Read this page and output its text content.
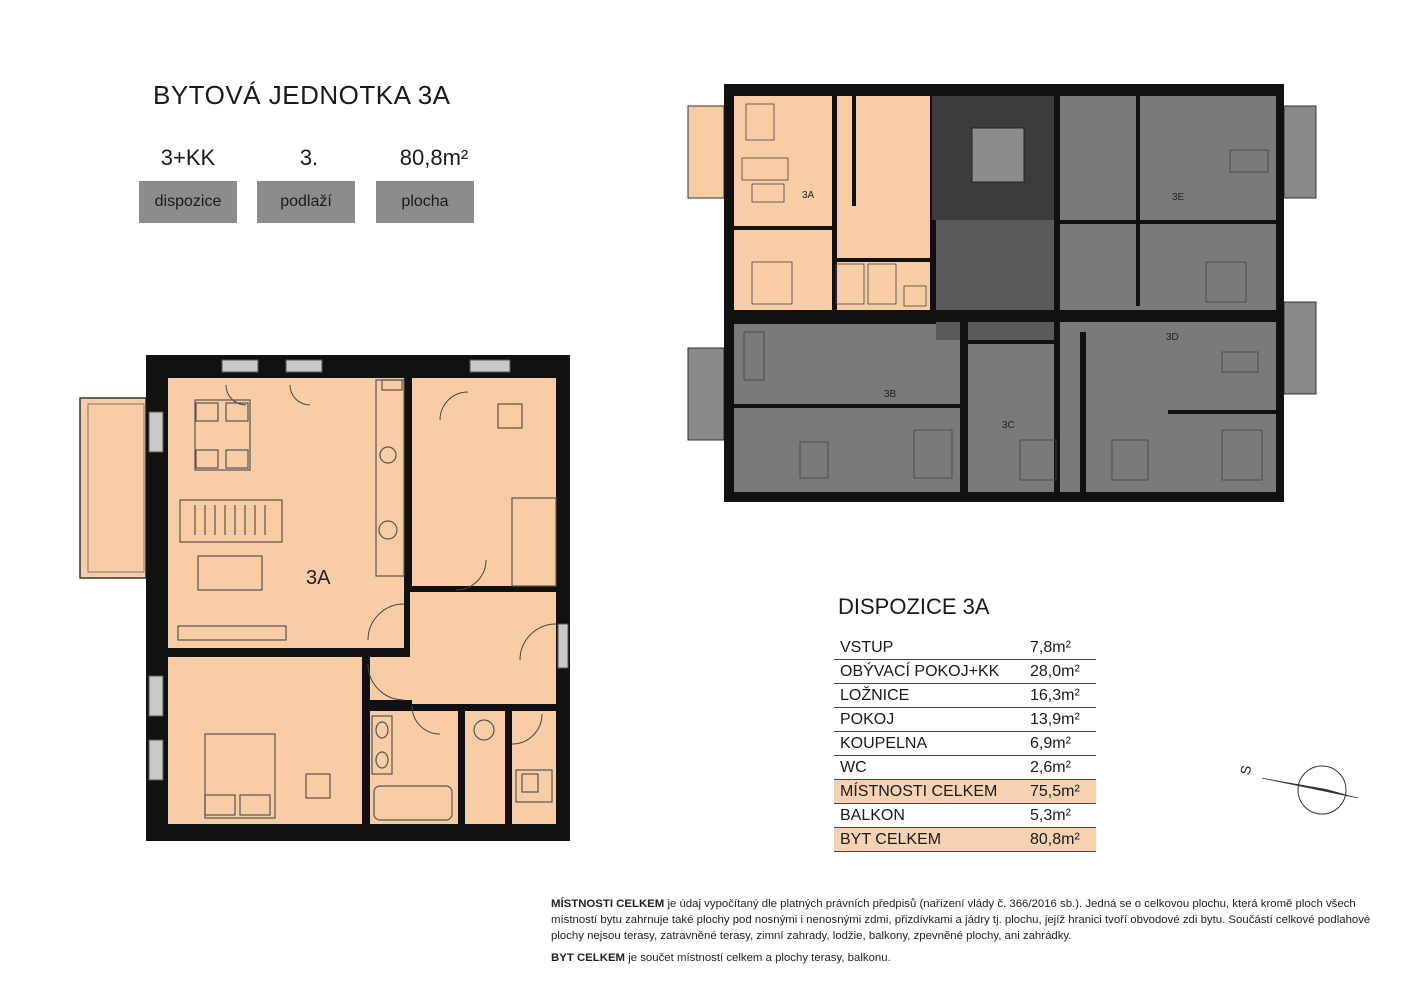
BYTOVÁ JEDNOTKA 3A
3+KK
dispozice
3.
podlaží
80,8m²
plocha
3A
3A	3E
3D
3B
3C
S
DISPOZICE 3A
VSTUP	7,8m²
OBÝVACÍ POKOJ+KK	28,0m²
LOŽNICE	16,3m²
POKOJ	13,9m²
KOUPELNA	6,9m²
WC	2,6m²
MÍSTNOSTI CELKEM	75,5m²
BALKON	5,3m²
BYT CELKEM	80,8m²

MÍSTNOSTI CELKEM je údaj vypočítaný dle platných právních předpisů (nařízení vlády č. 366/2016 sb.). Jedná se o celkovou plochu, která kromě ploch všech místností bytu zahrnuje také plochy pod nosnými i nenosnými zdmi, přizdívkami a jádry tj. plochu, jejíž hranici tvoří obvodové zdi bytu. Součástí celkové podlahové plochy nejsou terasy, zatravněné terasy, zimní zahrady, lodžie, balkony, zpevněné plochy, ani zahrádky.

BYT CELKEM je součet místností celkem a plochy terasy, balkonu.
